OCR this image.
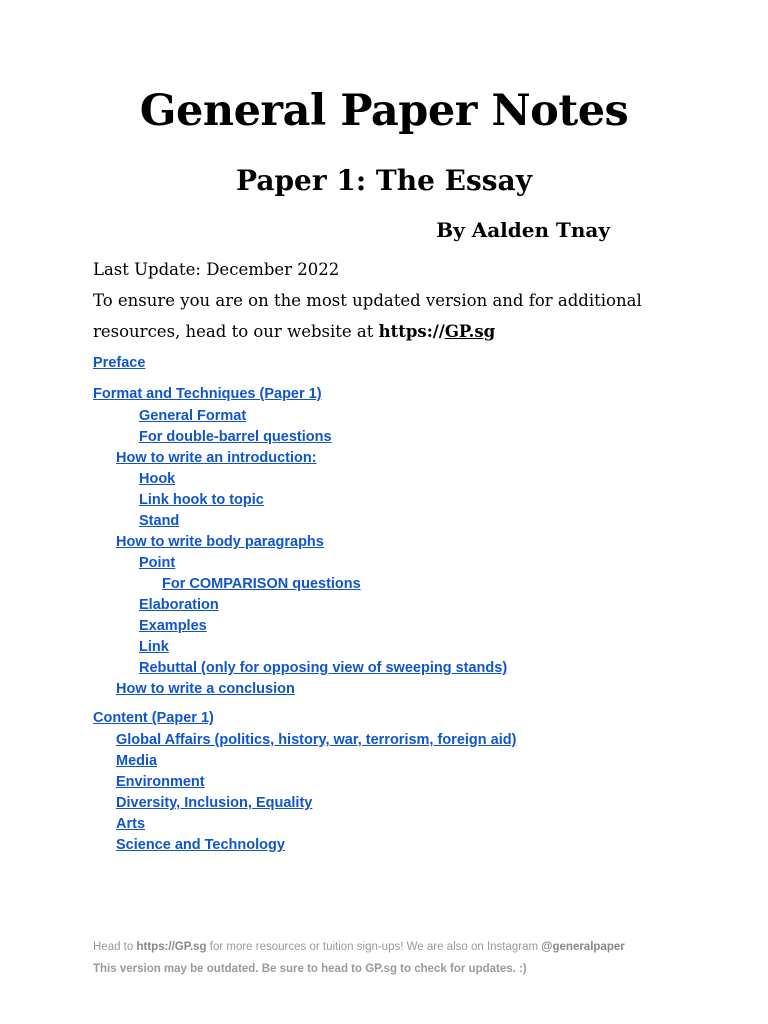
General Paper Notes
Paper 1: The Essay
By Aalden Tnay
Last Update: December 2022
To ensure you are on the most updated version and for additional
resources, head to our website at https://GP.sg
Preface
Format and Techniques (Paper 1)
General Format
For double-barrel questions
How to write an introduction:
Hook
Link hook to topic
Stand
How to write body paragraphs
Point
For COMPARISON questions
Elaboration
Examples
Link
Rebuttal (only for opposing view of sweeping stands)
How to write a conclusion
Content (Paper 1)
Global Affairs (politics, history, war, terrorism, foreign aid)
Media
Environment
Diversity, Inclusion, Equality
Arts
Science and Technology
Head to https://GP.sg for more resources or tuition sign-ups! We are also on Instagram @generalpaper
This version may be outdated. Be sure to head to GP.sg to check for updates. :)
